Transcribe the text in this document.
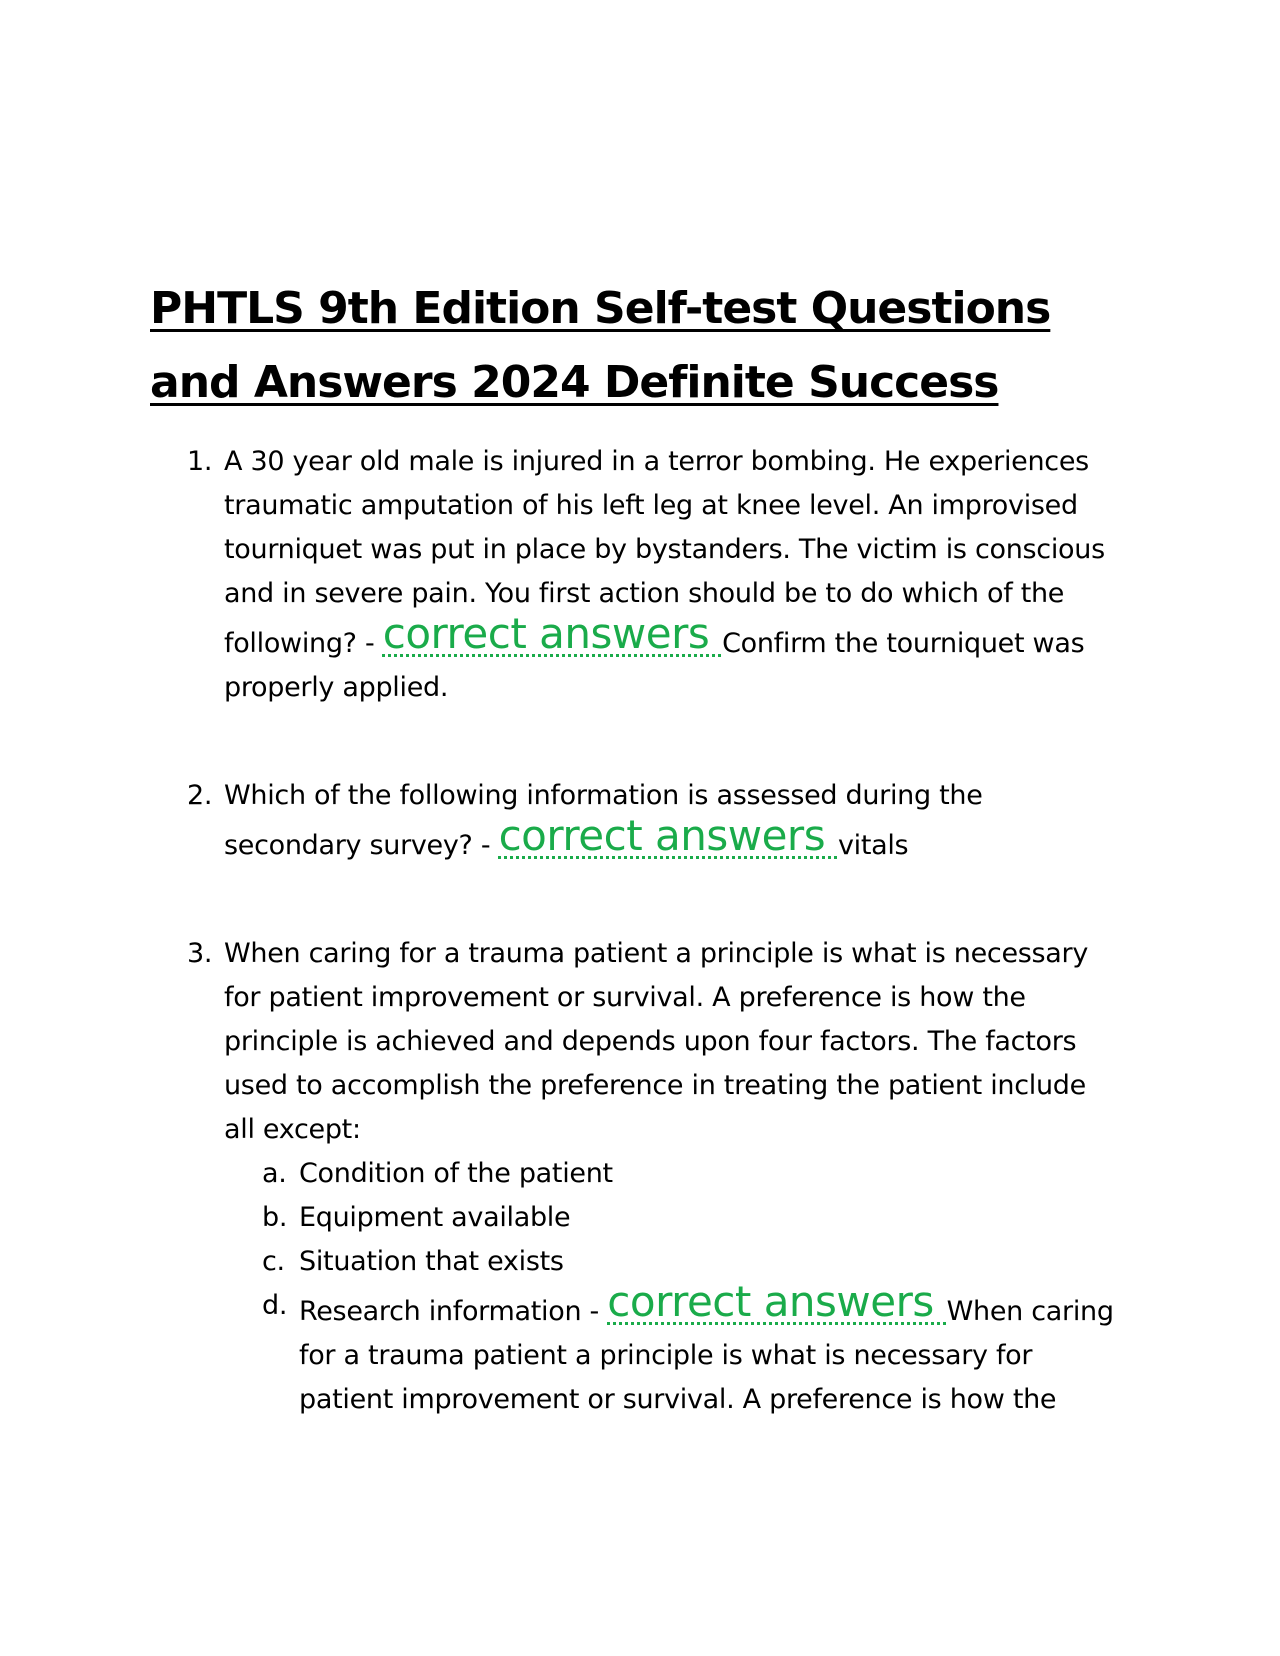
PHTLS 9th Edition Self-test Questions
and Answers 2024 Definite Success
1. A 30 year old male is injured in a terror bombing. He experiences traumatic amputation of his left leg at knee level. An improvised tourniquet was put in place by bystanders. The victim is conscious and in severe pain. You first action should be to do which of the following? - correct answers Confirm the tourniquet was properly applied.
2. Which of the following information is assessed during the secondary survey? - correct answers vitals
3. When caring for a trauma patient a principle is what is necessary for patient improvement or survival. A preference is how the principle is achieved and depends upon four factors. The factors used to accomplish the preference in treating the patient include all except:
a. Condition of the patient
b. Equipment available
c. Situation that exists
d. Research information - correct answers When caring for a trauma patient a principle is what is necessary for patient improvement or survival. A preference is how the
